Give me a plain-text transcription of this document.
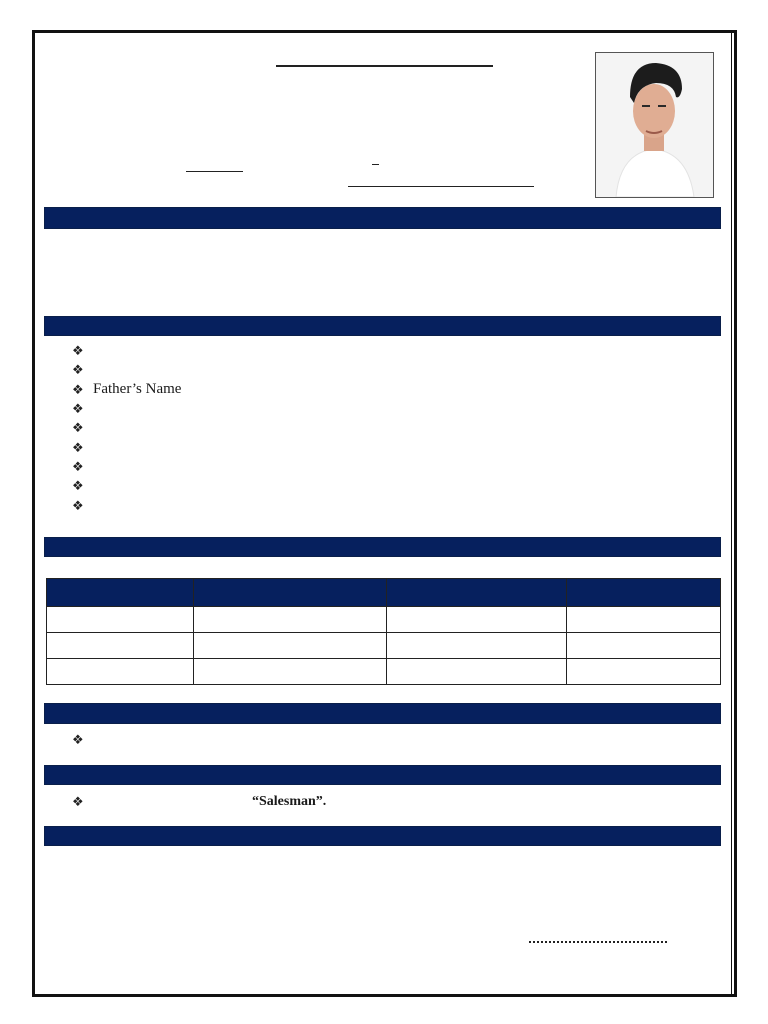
❖
❖
❖ Father’s Name
❖
❖
❖
❖
❖
❖

❖
❖	“Salesman”.
